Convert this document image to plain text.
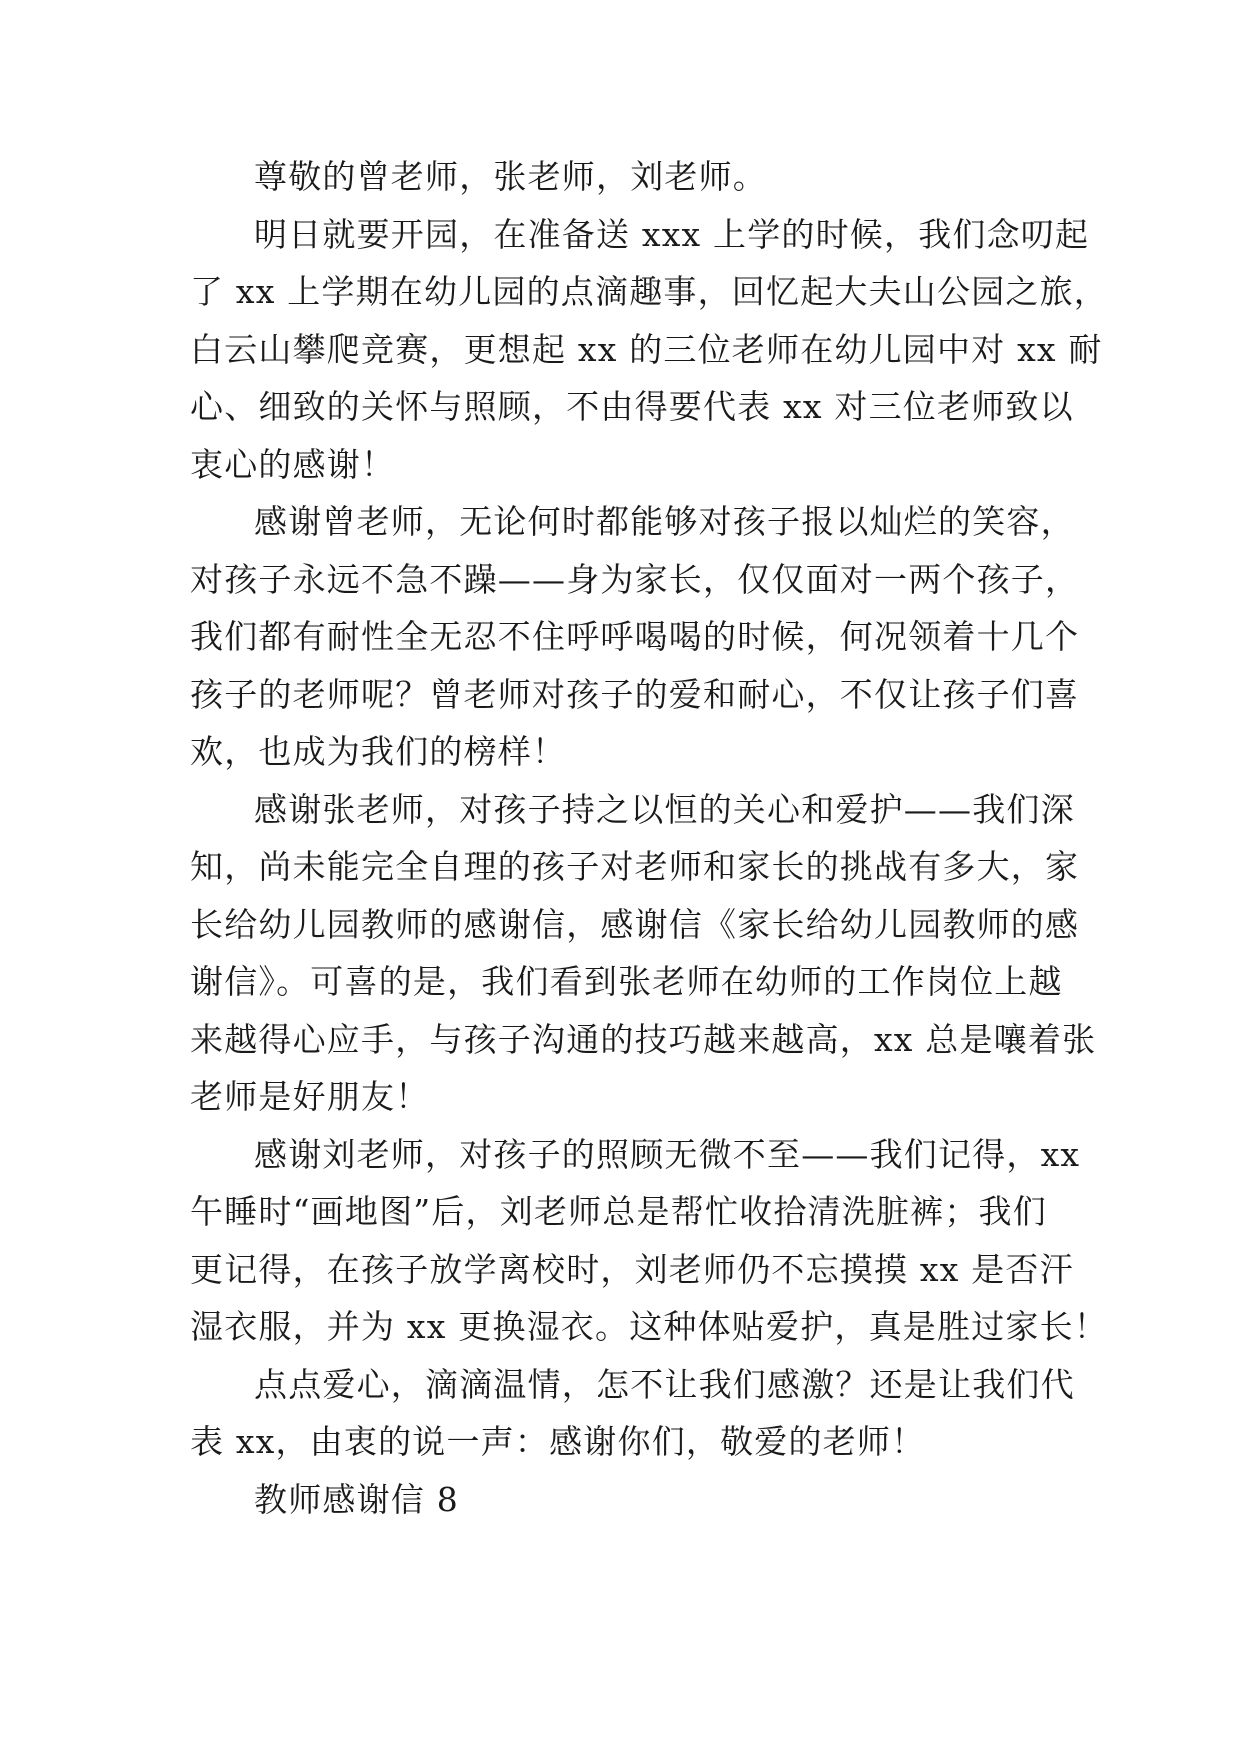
尊敬的曾老师，张老师，刘老师。

明日就要开园，在准备送 xxx 上学的时候，我们念叨起
了 xx 上学期在幼儿园的点滴趣事，回忆起大夫山公园之旅，
白云山攀爬竞赛，更想起 xx 的三位老师在幼儿园中对 xx 耐
心、细致的关怀与照顾，不由得要代表 xx 对三位老师致以
衷心的感谢！

感谢曾老师，无论何时都能够对孩子报以灿烂的笑容，
对孩子永远不急不躁——身为家长，仅仅面对一两个孩子，
我们都有耐性全无忍不住呼呼喝喝的时候，何况领着十几个
孩子的老师呢？曾老师对孩子的爱和耐心，不仅让孩子们喜
欢，也成为我们的榜样！

感谢张老师，对孩子持之以恒的关心和爱护——我们深
知，尚未能完全自理的孩子对老师和家长的挑战有多大，家
长给幼儿园教师的感谢信，感谢信《家长给幼儿园教师的感
谢信》。可喜的是，我们看到张老师在幼师的工作岗位上越
来越得心应手，与孩子沟通的技巧越来越高，xx 总是嚷着张
老师是好朋友！

感谢刘老师，对孩子的照顾无微不至——我们记得，xx
午睡时“画地图”后，刘老师总是帮忙收拾清洗脏裤；我们
更记得，在孩子放学离校时，刘老师仍不忘摸摸 xx 是否汗
湿衣服，并为 xx 更换湿衣。这种体贴爱护，真是胜过家长！

点点爱心，滴滴温情，怎不让我们感激？还是让我们代
表 xx，由衷的说一声：感谢你们，敬爱的老师！

教师感谢信 8
